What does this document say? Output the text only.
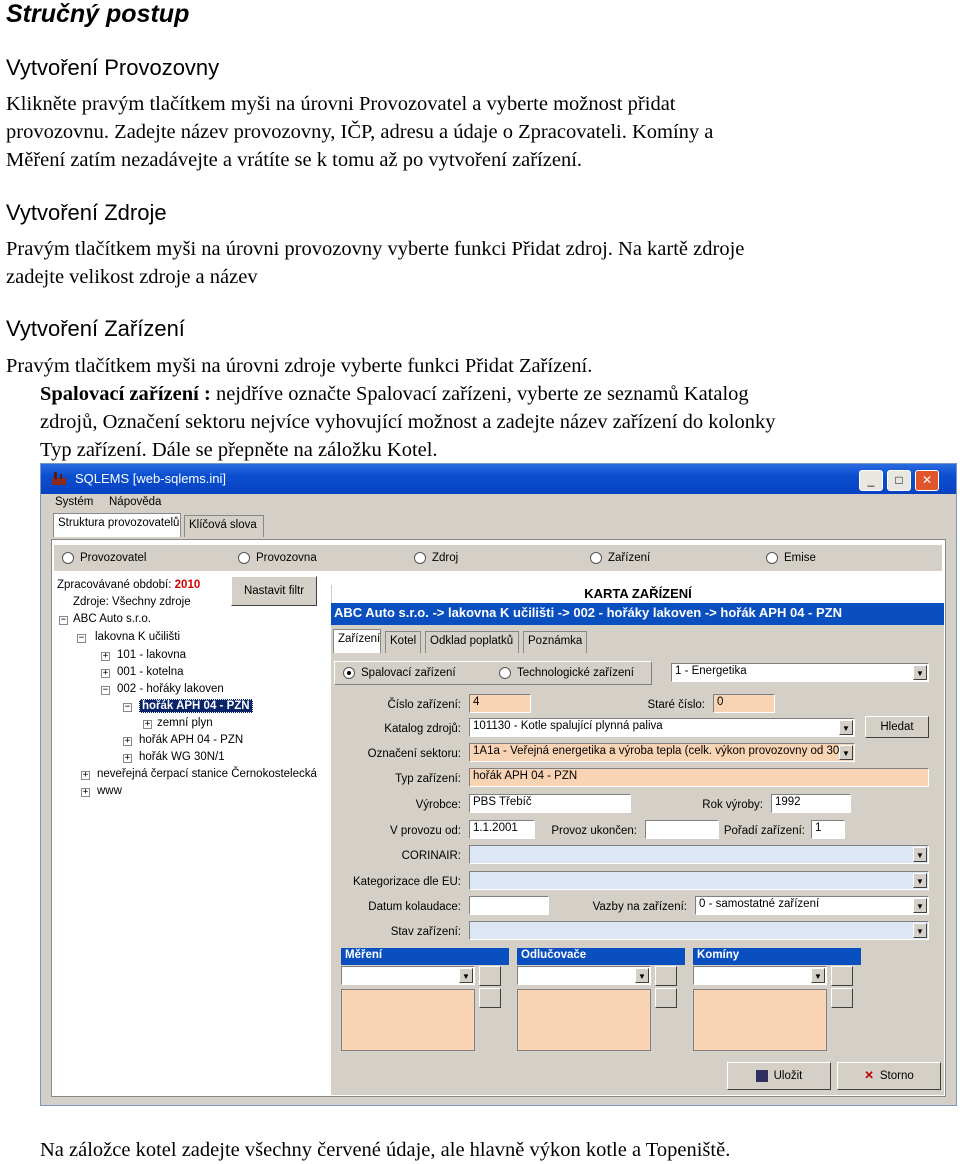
Stručný postup
Vytvoření Provozovny
Klikněte pravým tlačítkem myši na úrovni Provozovatel a vyberte možnost přidat
provozovnu. Zadejte název provozovny, IČP, adresu a údaje o Zpracovateli. Komíny a
Měření zatím nezadávejte a vrátíte se k tomu až po vytvoření zařízení.
Vytvoření Zdroje
Pravým tlačítkem myši na úrovni provozovny vyberte funkci Přidat zdroj. Na kartě zdroje
zadejte velikost zdroje a název
Vytvoření Zařízení
Pravým tlačítkem myši na úrovni zdroje vyberte funkci Přidat Zařízení.
Spalovací zařízení : nejdříve označte Spalovací zařízeni, vyberte ze seznamů Katalog
zdrojů, Označení sektoru nejvíce vyhovující možnost a zadejte název zařízení do kolonky
Typ zařízení. Dále se přepněte na záložku Kotel.
SQLEMS [web-sqlems.ini]	_	□	✕
Systém Nápověda
Struktura provozovatelů Klíčová slova
Provozovatel	Provozovna	Zdroj	Zařízení	Emise
Zpracovávané období: 2010
Zdroje: Všechny zdroje
Nastavit filtr
− ABC Auto s.r.o.
− lakovna K učilišti
+ 101 - lakovna
+ 001 - kotelna
− 002 - hořáky lakoven
− hořák APH 04 - PZN
+ zemní plyn
+ hořák APH 04 - PZN
+ hořák WG 30N/1
+ neveřejná čerpací stanice Černokostelecká
+ www
KARTA ZAŘÍZENÍ
ABC Auto s.r.o. -> lakovna K učilišti -> 002 - hořáky lakoven -> hořák APH 04 - PZN
Zařízení Kotel	Odklad poplatků	Poznámka
Spalovací zařízení	Technologické zařízení	1 - Energetika	▼
Číslo zařízení:	4	Staré číslo:	0
Katalog zdrojů:	101130 - Kotle spalující plynná paliva	▼	Hledat
Označení sektoru:	1A1a - Veřejná energetika a výroba tepla (celk. výkon provozovny od 30 ▼
Typ zařízení:	hořák APH 04 - PZN
Výrobce:	PBS Třebíč	Rok výroby:	1992
V provozu od:	1.1.2001	Provoz ukončen:	Pořadí zařízení: 1
CORINAIR:	▼
Kategorizace dle EU:	▼
Datum kolaudace:	Vazby na zařízení:	0 - samostatné zařízení	▼
Stav zařízení:	▼
Měření
▼
Odlučovače
▼
Komíny
▼
Uložit	✕ Storno
Na záložce kotel zadejte všechny červené údaje, ale hlavně výkon kotle a Topeniště.
